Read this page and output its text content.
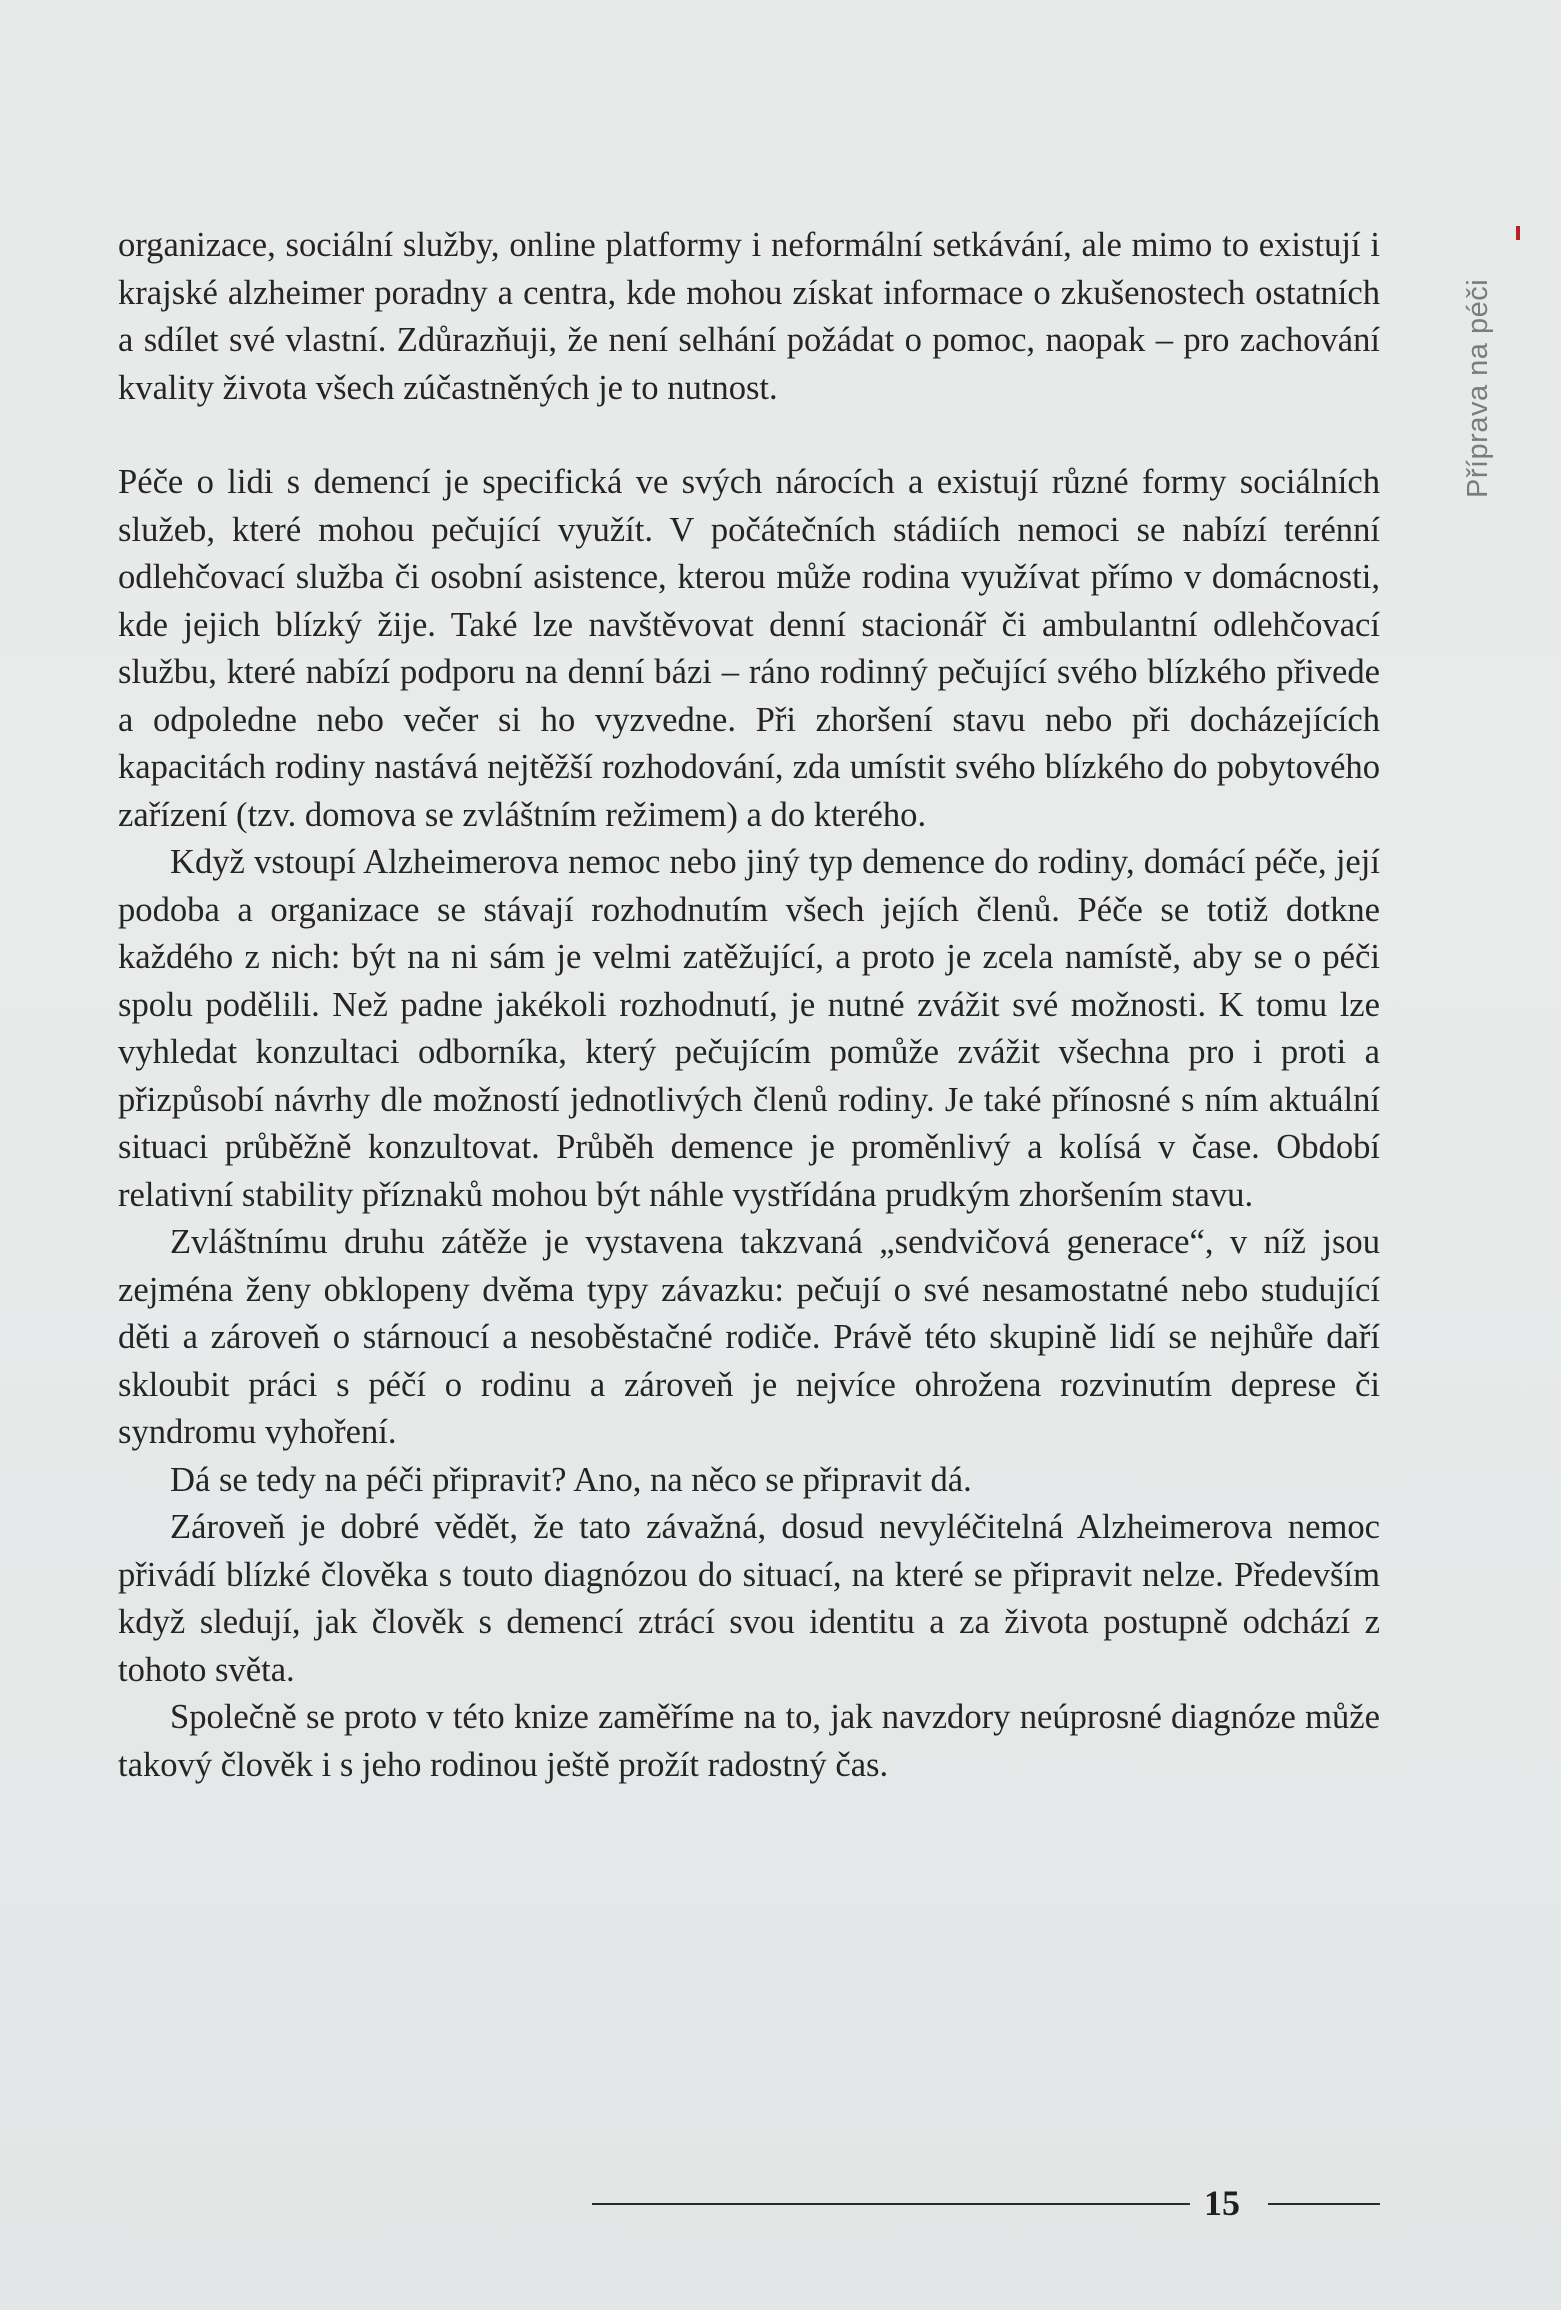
organizace, sociální služby, online platformy i neformální setkávání, ale mimo to existují i krajské alzheimer poradny a centra, kde mohou získat informace o zkušenostech ostatních a sdílet své vlastní. Zdůrazňuji, že není selhání požádat o pomoc, naopak – pro zachování kvality života všech zúčastněných je to nutnost.

Péče o lidi s demencí je specifická ve svých nárocích a existují různé formy sociálních služeb, které mohou pečující využít. V počátečních stádiích nemoci se nabízí terénní odlehčovací služba či osobní asistence, kterou může rodina využívat přímo v domácnosti, kde jejich blízký žije. Také lze navštěvovat denní stacionář či ambulantní odlehčovací službu, které nabízí podporu na denní bázi – ráno rodinný pečující svého blízkého přivede a odpoledne nebo večer si ho vyzvedne. Při zhoršení stavu nebo při docházejících kapacitách rodiny nastává nejtěžší rozhodování, zda umístit svého blízkého do pobytového zařízení (tzv. domova se zvláštním režimem) a do kterého.

Když vstoupí Alzheimerova nemoc nebo jiný typ demence do rodiny, domácí péče, její podoba a organizace se stávají rozhodnutím všech jejích členů. Péče se totiž dotkne každého z nich: být na ni sám je velmi zatěžující, a proto je zcela namístě, aby se o péči spolu podělili. Než padne jakékoli rozhodnutí, je nutné zvážit své možnosti. K tomu lze vyhledat konzultaci odborníka, který pečujícím pomůže zvážit všechna pro i proti a přizpůsobí návrhy dle možností jednotlivých členů rodiny. Je také přínosné s ním aktuální situaci průběžně konzultovat. Průběh demence je proměnlivý a kolísá v čase. Období relativní stability příznaků mohou být náhle vystřídána prudkým zhoršením stavu.

Zvláštnímu druhu zátěže je vystavena takzvaná „sendvičová generace“, v níž jsou zejména ženy obklopeny dvěma typy závazku: pečují o své nesamostatné nebo studující děti a zároveň o stárnoucí a nesoběstačné rodiče. Právě této skupině lidí se nejhůře daří skloubit práci s péčí o rodinu a zároveň je nejvíce ohrožena rozvinutím deprese či syndromu vyhoření.

Dá se tedy na péči připravit? Ano, na něco se připravit dá.

Zároveň je dobré vědět, že tato závažná, dosud nevyléčitelná Alzheimerova nemoc přivádí blízké člověka s touto diagnózou do situací, na které se připravit nelze. Především když sledují, jak člověk s demencí ztrácí svou identitu a za života postupně odchází z tohoto světa.

Společně se proto v této knize zaměříme na to, jak navzdory neúprosné diagnóze může takový člověk i s jeho rodinou ještě prožít radostný čas.

Příprava na péči
15
